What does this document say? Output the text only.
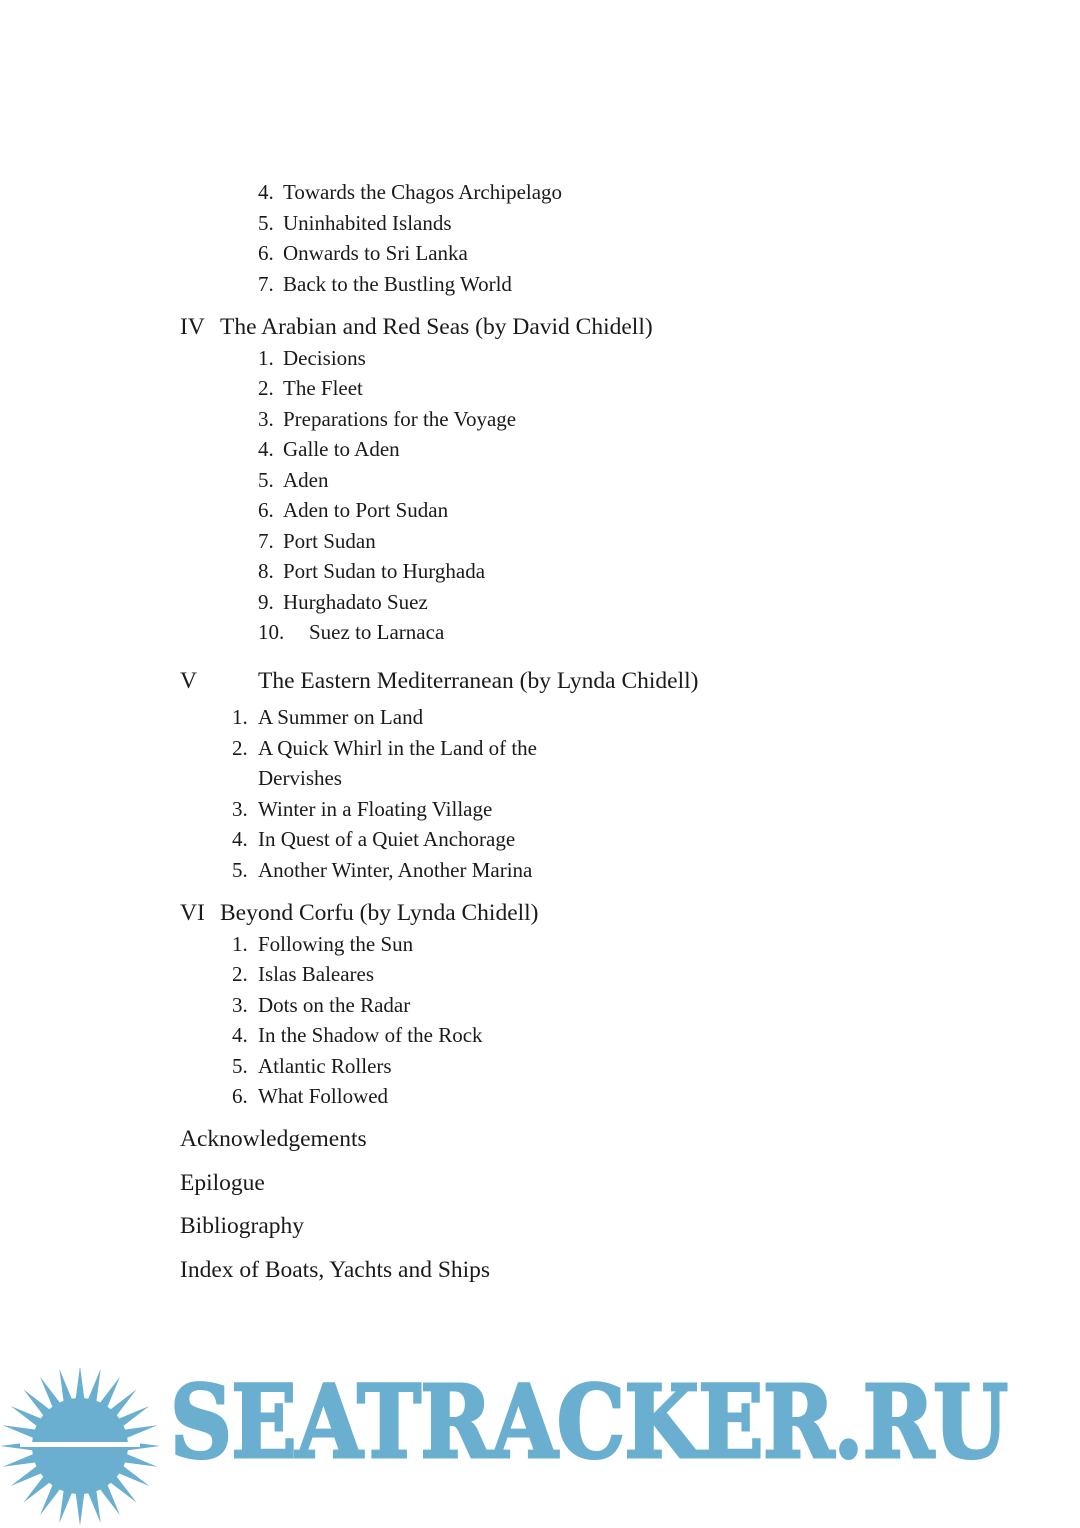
4. Towards the Chagos Archipelago
5. Uninhabited Islands
6. Onwards to Sri Lanka
7. Back to the Bustling World
IV The Arabian and Red Seas (by David Chidell)
1. Decisions
2. The Fleet
3. Preparations for the Voyage
4. Galle to Aden
5. Aden
6. Aden to Port Sudan
7. Port Sudan
8. Port Sudan to Hurghada
9. Hurghadato Suez
10. Suez to Larnaca
V	The Eastern Mediterranean (by Lynda Chidell)
1. A Summer on Land
2. A Quick Whirl in the Land of the
Dervishes
3. Winter in a Floating Village
4. In Quest of a Quiet Anchorage
5. Another Winter, Another Marina
VI Beyond Corfu (by Lynda Chidell)
1. Following the Sun
2. Islas Baleares
3. Dots on the Radar
4. In the Shadow of the Rock
5. Atlantic Rollers
6. What Followed
Acknowledgements
Epilogue
Bibliography
Index of Boats, Yachts and Ships
SEATRACKER.RU
